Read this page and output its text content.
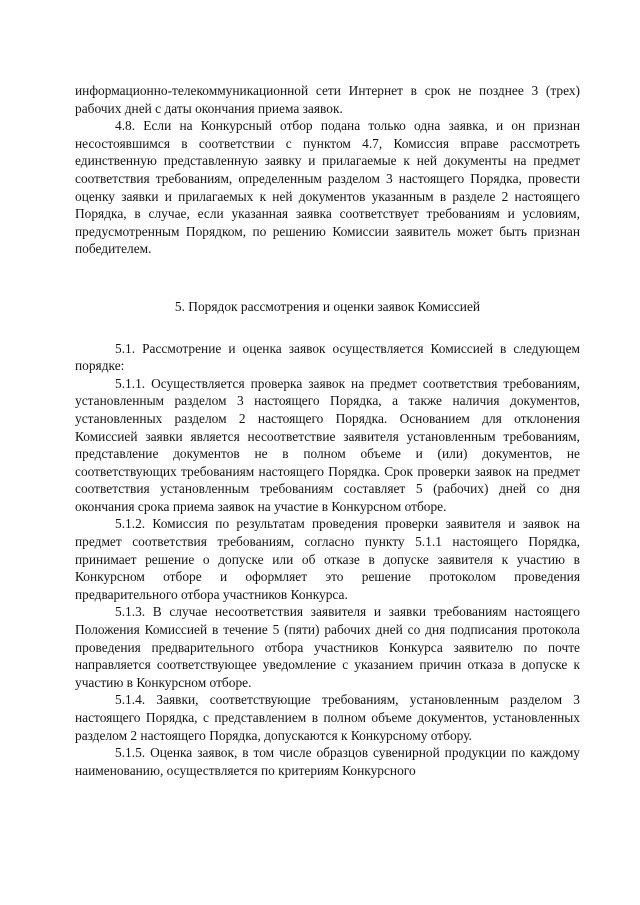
информационно-телекоммуникационной сети Интернет в срок не позднее 3 (трех) рабочих дней с даты окончания приема заявок.

4.8. Если на Конкурсный отбор подана только одна заявка, и он признан несостоявшимся в соответствии с пунктом 4.7, Комиссия вправе рассмотреть единственную представленную заявку и прилагаемые к ней документы на предмет соответствия требованиям, определенным разделом 3 настоящего Порядка, провести оценку заявки и прилагаемых к ней документов указанным в разделе 2 настоящего Порядка, в случае, если указанная заявка соответствует требованиям и условиям, предусмотренным Порядком, по решению Комиссии заявитель может быть признан победителем.

5. Порядок рассмотрения и оценки заявок Комиссией

5.1. Рассмотрение и оценка заявок осуществляется Комиссией в следующем порядке:

5.1.1. Осуществляется проверка заявок на предмет соответствия требованиям, установленным разделом 3 настоящего Порядка, а также наличия документов, установленных разделом 2 настоящего Порядка. Основанием для отклонения Комиссией заявки является несоответствие заявителя установленным требованиям, представление документов не в полном объеме и (или) документов, не соответствующих требованиям настоящего Порядка. Срок проверки заявок на предмет соответствия установленным требованиям составляет 5 (рабочих) дней со дня окончания срока приема заявок на участие в Конкурсном отборе.

5.1.2. Комиссия по результатам проведения проверки заявителя и заявок на предмет соответствия требованиям, согласно пункту 5.1.1 настоящего Порядка, принимает решение о допуске или об отказе в допуске заявителя к участию в Конкурсном отборе и оформляет это решение протоколом проведения предварительного отбора участников Конкурса.

5.1.3. В случае несоответствия заявителя и заявки требованиям настоящего Положения Комиссией в течение 5 (пяти) рабочих дней со дня подписания протокола проведения предварительного отбора участников Конкурса заявителю по почте направляется соответствующее уведомление с указанием причин отказа в допуске к участию в Конкурсном отборе.

5.1.4. Заявки, соответствующие требованиям, установленным разделом 3 настоящего Порядка, с представлением в полном объеме документов, установленных разделом 2 настоящего Порядка, допускаются к Конкурсному отбору.

5.1.5. Оценка заявок, в том числе образцов сувенирной продукции по каждому наименованию, осуществляется по критериям Конкурсного
